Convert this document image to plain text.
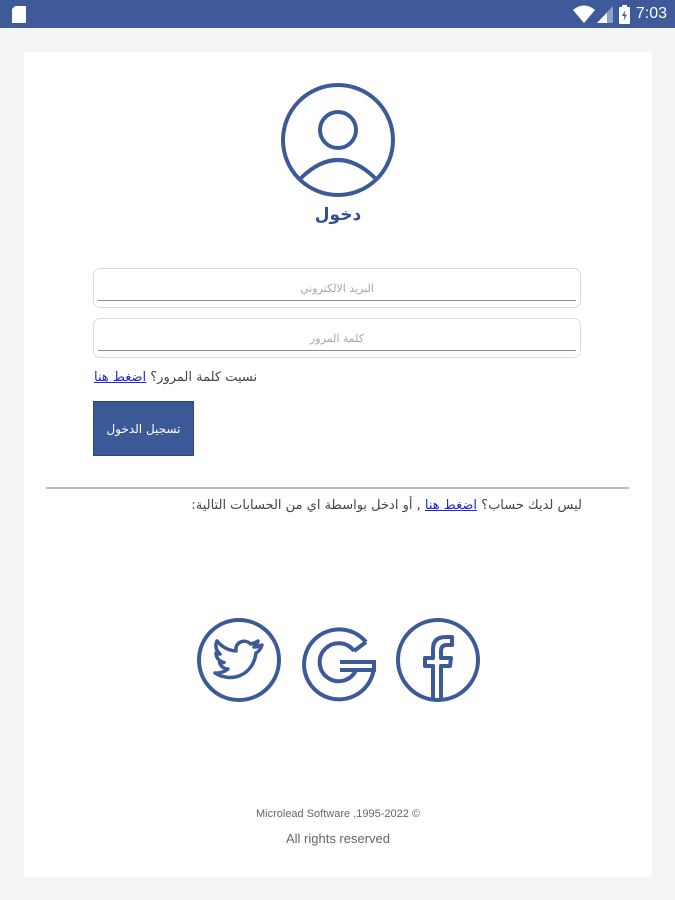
7:03
دخول
البريد الالكتروني
نسيت كلمة المرور؟ اضغط هنا
تسجيل الدخول
ليس لديك حساب؟ اضغط هنا , أو ادخل بواسطة اي من الحسابات التالية:
Microlead Software ,1995-2022 ©
All rights reserved
